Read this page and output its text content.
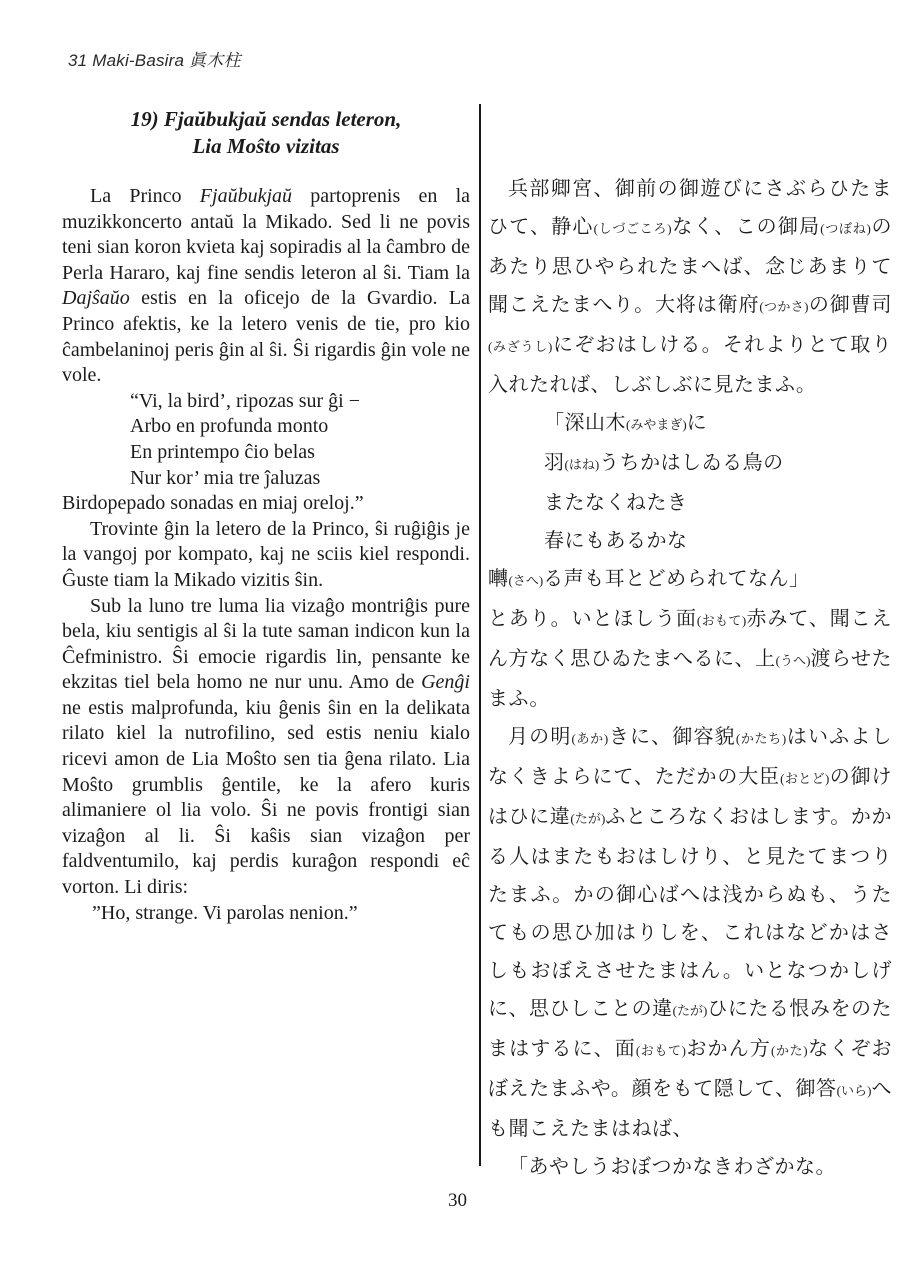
31 Maki-Basira 眞木柱
19) Fjaŭbukjaŭ sendas leteron,
Lia Moŝto vizitas

La Princo Fjaŭbukjaŭ partoprenis en la muzikkoncerto antaŭ la Mikado. Sed li ne povis teni sian koron kvieta kaj sopiradis al la ĉambro de Perla Hararo, kaj fine sendis leteron al ŝi. Tiam la Dajŝaŭo estis en la oficejo de la Gvardio. La Princo afektis, ke la letero venis de tie, pro kio ĉambelaninoj peris ĝin al ŝi. Ŝi rigardis ĝin vole ne vole.

“Vi, la bird’, ripozas sur ĝi −
Arbo en profunda monto
En printempo ĉio belas
Nur kor’ mia tre ĵaluzas
Birdopepado sonadas en miaj oreloj.”

Trovinte ĝin la letero de la Princo, ŝi ruĝiĝis je la vangoj por kompato, kaj ne sciis kiel respondi. Ĝuste tiam la Mikado vizitis ŝin.

Sub la luno tre luma lia vizaĝo montriĝis pure bela, kiu sentigis al ŝi la tute saman indicon kun la Ĉefministro. Ŝi emocie rigardis lin, pensante ke ekzitas tiel bela homo ne nur unu. Amo de Genĝi ne estis malprofunda, kiu ĝenis ŝin en la delikata rilato kiel la nutrofilino, sed estis neniu kialo ricevi amon de Lia Moŝto sen tia ĝena rilato. Lia Moŝto grumblis ĝentile, ke la afero kuris alimaniere ol lia volo. Ŝi ne povis frontigi sian vizaĝon al li. Ŝi kaŝis sian vizaĝon per faldventumilo, kaj perdis kuraĝon respondi eĉ vorton. Li diris:

”Ho, strange. Vi parolas nenion.”

兵部卿宮、御前の御遊びにさぶらひたまひて、静心(しづごころ)なく、この御局(つぼね)のあたり思ひやられたまへば、念じあまりて聞こえたまへり。大将は衛府(つかさ)の御曹司(みざうし)にぞおはしける。それよりとて取り入れたれば、しぶしぶに見たまふ。

「深山木(みやまぎ)に
羽(はね)うちかはしゐる鳥の
またなくねたき
春にもあるかな
囀(さへ)る声も耳とどめられてなん」

とあり。いとほしう面(おもて)赤みて、聞こえん方なく思ひゐたまへるに、上(うへ)渡らせたまふ。

月の明(あか)きに、御容貌(かたち)はいふよしなくきよらにて、ただかの大臣(おとど)の御けはひに違(たが)ふところなくおはします。かかる人はまたもおはしけり、と見たてまつりたまふ。かの御心ばへは浅からぬも、うたてもの思ひ加はりしを、これはなどかはさしもおぼえさせたまはん。いとなつかしげに、思ひしことの違(たが)ひにたる恨みをのたまはするに、面(おもて)おかん方(かた)なくぞおぼえたまふや。顔をもて隠して、御答(いら)へも聞こえたまはねば、

「あやしうおぼつかなきわざかな。

30
